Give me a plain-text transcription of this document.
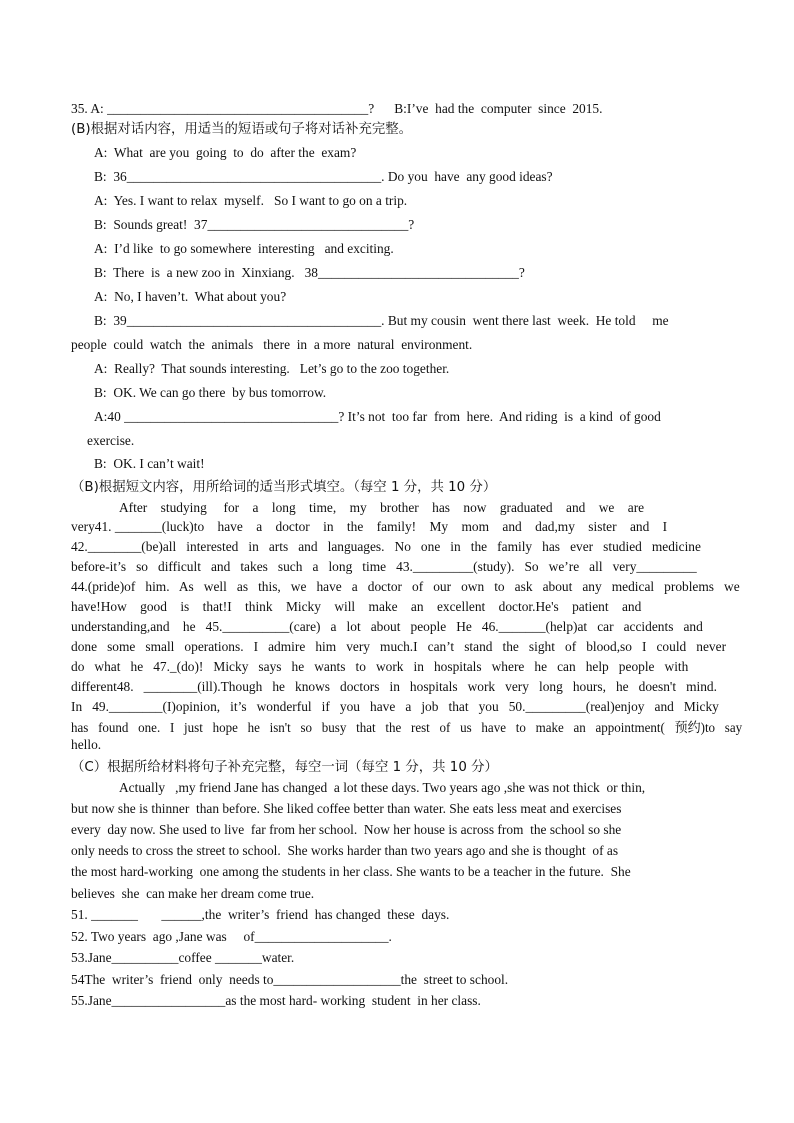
35. A: _______________________________________?      B:I’ve  had the  computer  since  2015.
(B)根据对话内容，用适当的短语或句子将对话补充完整。
A:  What  are you  going  to  do  after the  exam?
B:  36______________________________________. Do you  have  any good ideas?
A:  Yes. I want to relax  myself.   So I want to go on a trip.
B:  Sounds great!  37______________________________?
A:  I’d like  to go somewhere  interesting   and exciting.
B:  There  is  a new zoo in  Xinxiang.   38______________________________?
A:  No, I haven’t.  What about you?
B:  39______________________________________. But my cousin  went there last  week.  He told     me
people  could  watch  the  animals   there  in  a more  natural  environment.
A:  Really?  That sounds interesting.   Let’s go to the zoo together.
B:  OK. We can go there  by bus tomorrow.
A:40 ________________________________? It’s not  too far  from  here.  And riding  is  a kind  of good
exercise.
B:  OK. I can’t wait!
（B)根据短文内容，用所给词的适当形式填空。（每空 1 分，共 10 分）
After    studying     for    a    long    time,    my    brother    has    now    graduated    and    we    are
very41. _______(luck)to    have    a    doctor    in    the    family!    My    mom    and    dad,my    sister    and    I
42.________(be)all   interested   in   arts   and   languages.   No   one   in   the   family   has   ever   studied   medicine
before-it’s   so   difficult   and   takes   such   a   long   time   43._________(study).   So   we’re   all   very_________
44.(pride)of   him.   As   well   as   this,   we   have   a   doctor   of   our   own   to   ask   about   any   medical   problems   we
have!How    good    is    that!I    think    Micky    will    make    an    excellent    doctor.He's    patient    and
understanding,and    he   45.__________(care)   a   lot   about   people   He   46._______(help)at   car   accidents   and
done   some   small   operations.   I   admire   him   very   much.I   can’t   stand   the   sight   of   blood,so   I   could   never
do   what   he   47._(do)!   Micky   says   he   wants   to   work   in   hospitals   where   he   can   help   people   with
different48.   ________(ill).Though   he   knows   doctors   in   hospitals   work   very   long   hours,   he   doesn't   mind.
In   49.________(I)opinion,   it’s   wonderful   if   you   have   a   job   that   you   50._________(real)enjoy   and   Micky
has   found   one.   I   just   hope   he   isn't   so   busy   that   the   rest   of   us   have   to   make   an   appointment(   预约)to   say
hello.
（C）根据所给材料将句子补充完整，每空一词（每空 1 分，共 10 分）
Actually   ,my friend Jane has changed  a lot these days. Two years ago ,she was not thick  or thin,
but now she is thinner  than before. She liked coffee better than water. She eats less meat and exercises
every  day now. She used to live  far from her school.  Now her house is across from  the school so she
only needs to cross the street to school.  She works harder than two years ago and she is thought  of as
the most hard-working  one among the students in her class. She wants to be a teacher in the future.  She
believes  she  can make her dream come true.
51. _______       ______,the  writer’s  friend  has changed  these  days.
52. Two years  ago ,Jane was     of____________________.
53.Jane__________coffee _______water.
54The  writer’s  friend  only  needs to___________________the  street to school.
55.Jane_________________as the most hard- working  student  in her class.
